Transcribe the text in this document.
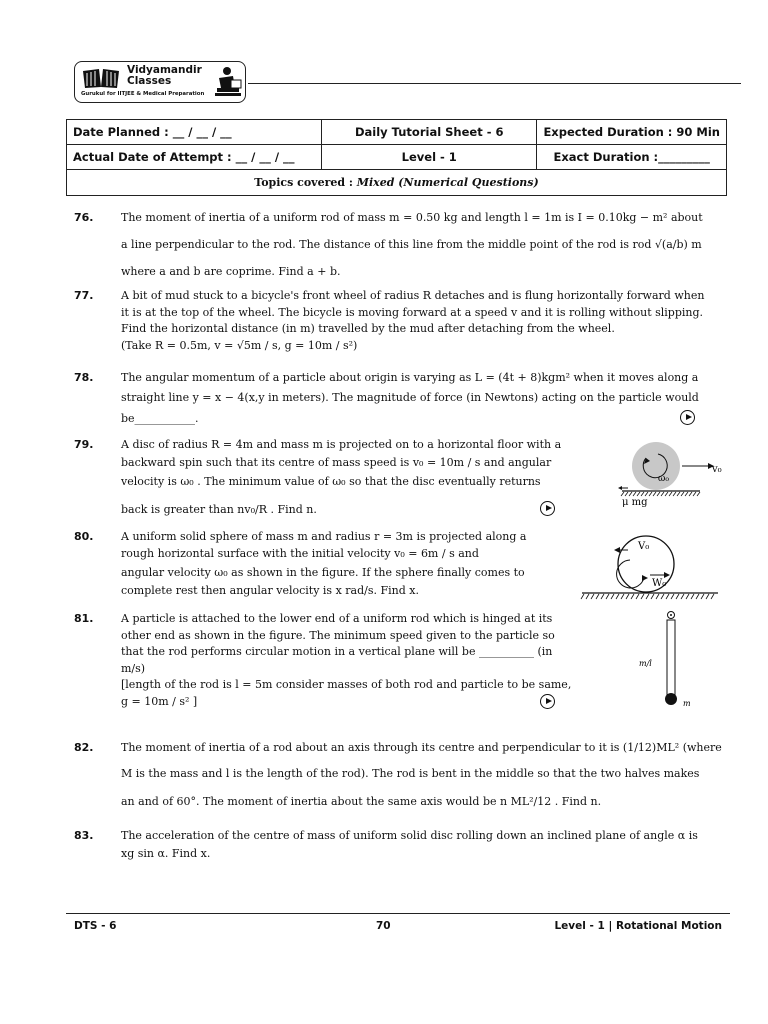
Vidyamandir
Classes
Gurukul for IITJEE & Medical Preparation
Date Planned : __ / __ / __	Daily Tutorial Sheet - 6	Expected Duration : 90 Min
Actual Date of Attempt : __ / __ / __	Level - 1	Exact Duration :_________
Topics covered : Mixed (Numerical Questions)		
76.	The moment of inertia of a uniform rod of mass m = 0.50 kg and length l = 1m is I = 0.10kg − m² about

a line perpendicular to the rod. The distance of this line from the middle point of the rod is rod √(a/b) m

where a and b are coprime. Find a + b.

77.	A bit of mud stuck to a bicycle's front wheel of radius R detaches and is flung horizontally forward when

it is at the top of the wheel. The bicycle is moving forward at a speed v and it is rolling without slipping.

Find the horizontal distance (in m) travelled by the mud after detaching from the wheel.

(Take R = 0.5m, v = √5m / s, g = 10m / s²)

78.	The angular momentum of a particle about origin is varying as L = (4t + 8)kgm² when it moves along a

straight line y = x − 4(x,y in meters). The magnitude of force (in Newtons) acting on the particle would

be___________.

79.	A disc of radius R = 4m and mass m is projected on to a horizontal floor with a

backward spin such that its centre of mass speed is v₀ = 10m / s and angular

velocity is ω₀ . The minimum value of ω₀ so that the disc eventually returns

back is greater than nv₀/R . Find n.

ω₀
v₀
μ mg
80.	A uniform solid sphere of mass m and radius r = 3m is projected along a

rough horizontal surface with the initial velocity v₀ = 6m / s and

angular velocity ω₀ as shown in the figure. If the sphere finally comes to

complete rest then angular velocity is x rad/s. Find x.

V₀
W₀
81.	A particle is attached to the lower end of a uniform rod which is hinged at its

other end as shown in the figure. The minimum speed given to the particle so

that the rod performs circular motion in a vertical plane will be __________ (in

m/s)

[length of the rod is l = 5m consider masses of both rod and particle to be same,

g = 10m / s² ]

m/l
m
82.	The moment of inertia of a rod about an axis through its centre and perpendicular to it is (1/12)ML² (where

M is the mass and l is the length of the rod). The rod is bent in the middle so that the two halves makes

an and of 60°. The moment of inertia about the same axis would be n ML²/12 . Find n.

83.	The acceleration of the centre of mass of uniform solid disc rolling down an inclined plane of angle α is

xg sin α. Find x.

DTS - 6	70	Level - 1 | Rotational Motion
